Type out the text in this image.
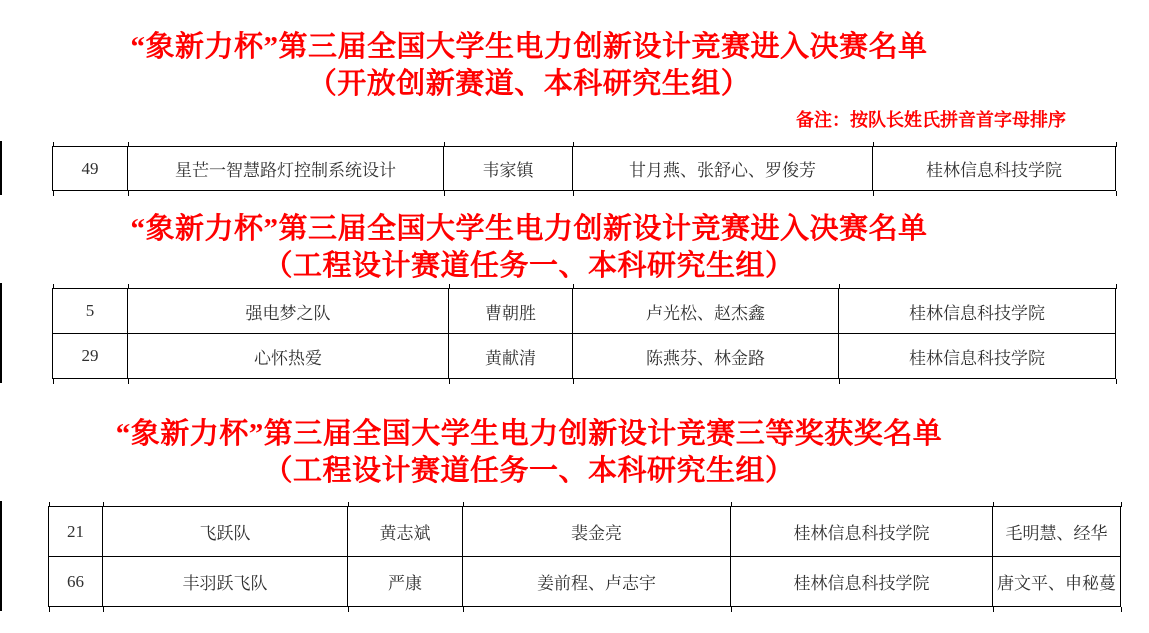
“象新力杯”第三届全国大学生电力创新设计竞赛进入决赛名单
（开放创新赛道、本科研究生组）
备注：按队长姓氏拼音首字母排序
49	星芒一智慧路灯控制系统设计	韦家镇	甘月燕、张舒心、罗俊芳	桂林信息科技学院
“象新力杯”第三届全国大学生电力创新设计竞赛进入决赛名单
（工程设计赛道任务一、本科研究生组）
5	强电梦之队	曹朝胜	卢光松、赵杰鑫	桂林信息科技学院
29	心怀热爱	黄献清	陈燕芬、林金路	桂林信息科技学院
“象新力杯”第三届全国大学生电力创新设计竞赛三等奖获奖名单
（工程设计赛道任务一、本科研究生组）
21	飞跃队	黄志斌	裴金亮	桂林信息科技学院	毛明慧、经华
66	丰羽跃飞队	严康	姜前程、卢志宇	桂林信息科技学院	唐文平、申秘蔓
